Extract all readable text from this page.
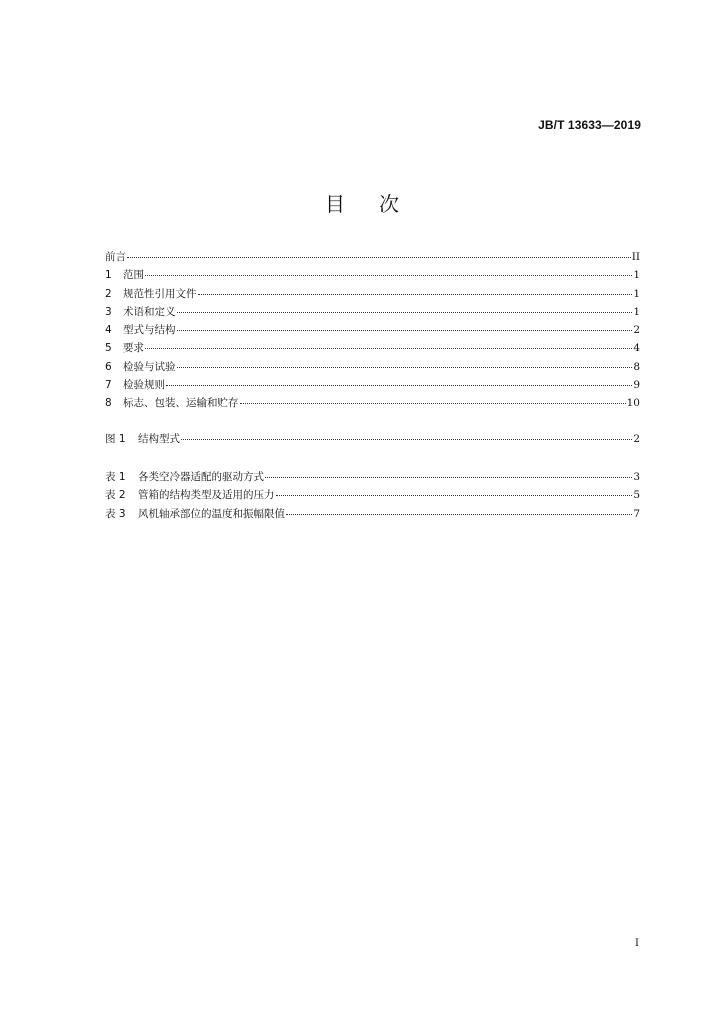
JB/T 13633—2019
目次
前言	II
1	范围	1
2	规范性引用文件	1
3	术语和定义	1
4	型式与结构	2
5	要求	4
6	检验与试验	8
7	检验规则	9
8	标志、包装、运输和贮存	10
图 1	结构型式	2
表 1	各类空冷器适配的驱动方式	3
表 2	管箱的结构类型及适用的压力	5
表 3	风机轴承部位的温度和振幅限值	7
I
